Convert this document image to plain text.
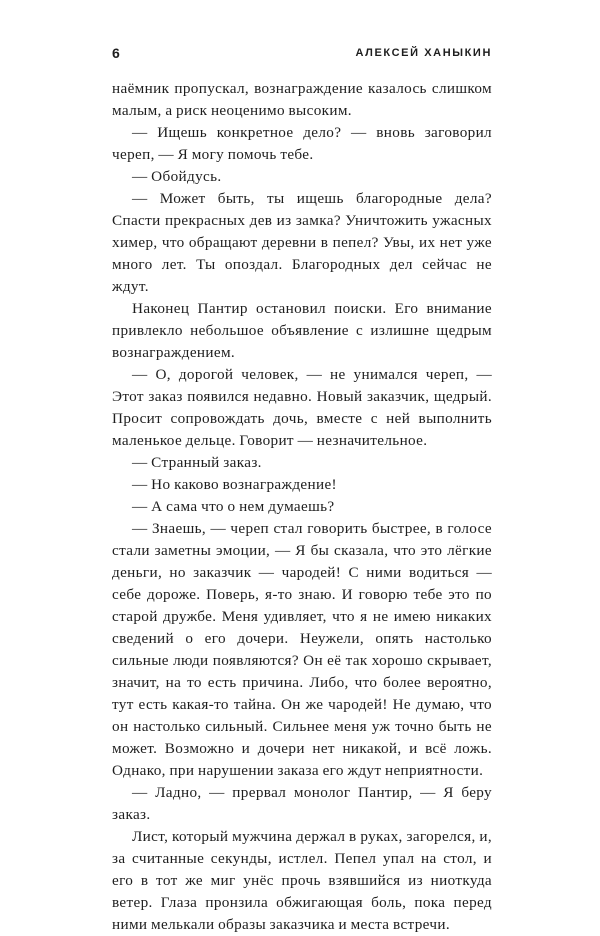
6	АЛЕКСЕЙ ХАНЫКИН

наёмник пропускал, вознаграждение казалось слишком малым, а риск неоценимо высоким.

— Ищешь конкретное дело? — вновь заговорил череп, — Я могу помочь тебе.

— Обойдусь.

— Может быть, ты ищешь благородные дела? Спасти прекрасных дев из замка? Уничтожить ужасных химер, что обращают деревни в пепел? Увы, их нет уже много лет. Ты опоздал. Благородных дел сейчас не ждут.

Наконец Пантир остановил поиски. Его внимание привлекло небольшое объявление с излишне щедрым вознаграждением.

— О, дорогой человек, — не унимался череп, — Этот заказ появился недавно. Новый заказчик, щедрый. Просит сопровождать дочь, вместе с ней выполнить маленькое дельце. Говорит — незначительное.

— Странный заказ.

— Но каково вознаграждение!

— А сама что о нем думаешь?

— Знаешь, — череп стал говорить быстрее, в голосе стали заметны эмоции, — Я бы сказала, что это лёгкие деньги, но заказчик — чародей! С ними водиться — себе дороже. Поверь, я-то знаю. И говорю тебе это по старой дружбе. Меня удивляет, что я не имею никаких сведений о его дочери. Неужели, опять настолько сильные люди появляются? Он её так хорошо скрывает, значит, на то есть причина. Либо, что более вероятно, тут есть какая-то тайна. Он же чародей! Не думаю, что он настолько сильный. Сильнее меня уж точно быть не может. Возможно и дочери нет никакой, и всё ложь. Однако, при нарушении заказа его ждут неприятности.

— Ладно, — прервал монолог Пантир, — Я беру заказ.

Лист, который мужчина держал в руках, загорелся, и, за считанные секунды, истлел. Пепел упал на стол, и его в тот же миг унёс прочь взявшийся из ниоткуда ветер. Глаза пронзила обжигающая боль, пока перед ними мелькали образы заказчика и места встречи.
